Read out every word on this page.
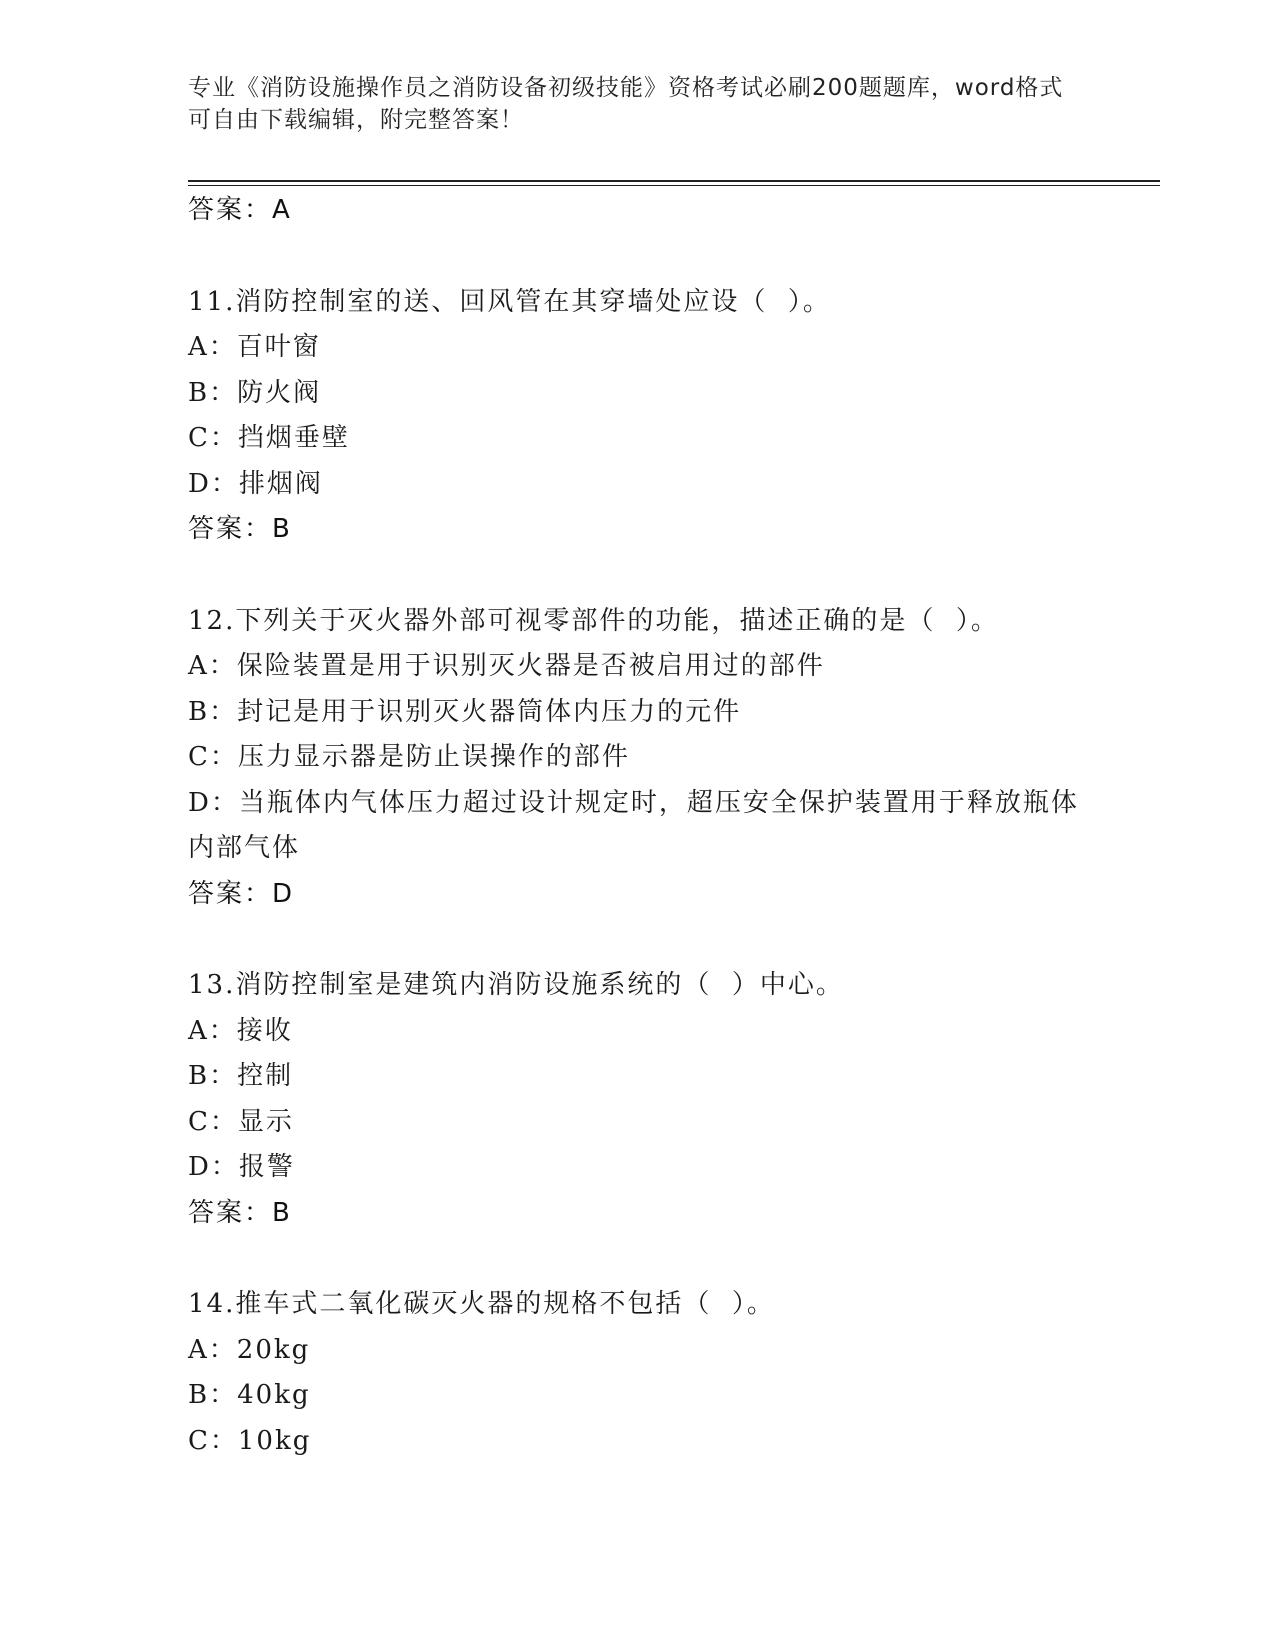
专业《消防设施操作员之消防设备初级技能》资格考试必刷200题题库，word格式可自由下载编辑，附完整答案！
答案：A
11.消防控制室的送、回风管在其穿墙处应设（  ）。
A：百叶窗
B：防火阀
C：挡烟垂壁
D：排烟阀
答案：B
12.下列关于灭火器外部可视零部件的功能，描述正确的是（  ）。
A：保险装置是用于识别灭火器是否被启用过的部件
B：封记是用于识别灭火器筒体内压力的元件
C：压力显示器是防止误操作的部件
D：当瓶体内气体压力超过设计规定时，超压安全保护装置用于释放瓶体内部气体
答案：D
13.消防控制室是建筑内消防设施系统的（  ）中心。
A：接收
B：控制
C：显示
D：报警
答案：B
14.推车式二氧化碳灭火器的规格不包括（  ）。
A：20kg
B：40kg
C：10kg
